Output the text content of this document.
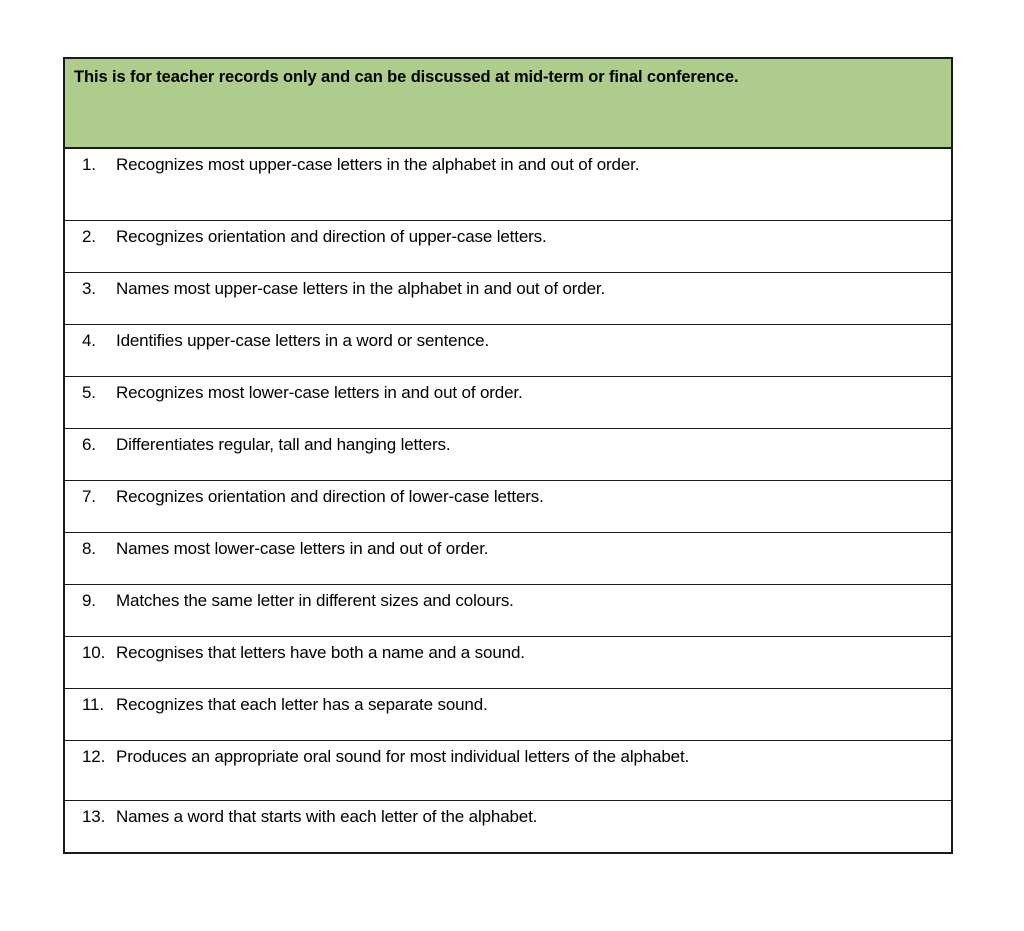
This is for teacher records only and can be discussed at mid-term or final conference.

1.	Recognizes most upper-case letters in the alphabet in and out of order.

2.	Recognizes orientation and direction of upper-case letters.

3.	Names most upper-case letters in the alphabet in and out of order.

4.	Identifies upper-case letters in a word or sentence.

5.	Recognizes most lower-case letters in and out of order.

6.	Differentiates regular, tall and hanging letters.

7.	Recognizes orientation and direction of lower-case letters.

8.	Names most lower-case letters in and out of order.

9.	Matches the same letter in different sizes and colours.

10. Recognises that letters have both a name and a sound.

11. Recognizes that each letter has a separate sound.

12. Produces an appropriate oral sound for most individual letters of the alphabet.

13. Names a word that starts with each letter of the alphabet.
